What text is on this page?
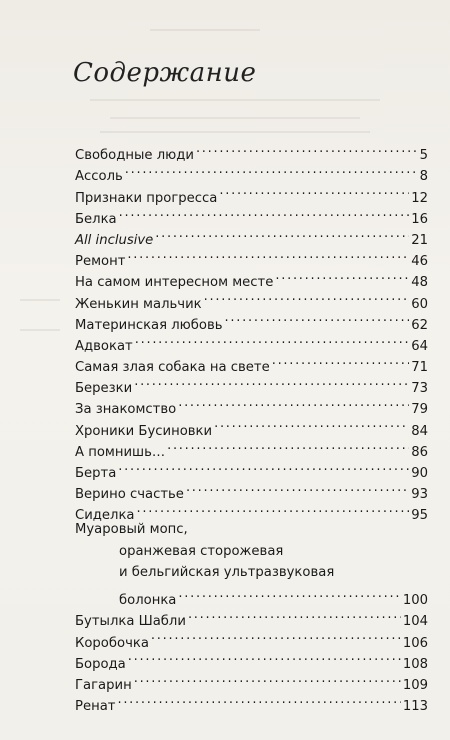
Содержание
Свободные люди . . .	5
Ассоль . . .	8
Признаки прогресса . . .	12
Белка . . .	16
All inclusive . . .	21
Ремонт . . .	46
На самом интересном месте . . .	48
Женькин мальчик . . .	60
Материнская любовь . . .	62
Адвокат . . .	64
Самая злая собака на свете . . .	71
Березки . . .	73
За знакомство . . .	79
Хроники Бусиновки . . .	84
А помнишь… . . .	86
Берта . . .	90
Верино счастье . . .	93
Сиделка . . .	95
Муаровый мопс,
оранжевая сторожевая
и бельгийская ультразвуковая
болонка . . .	100
Бутылка Шабли . . .	104
Коробочка . . .	106
Борода . . .	108
Гагарин . . .	109
Ренат . . .	113
